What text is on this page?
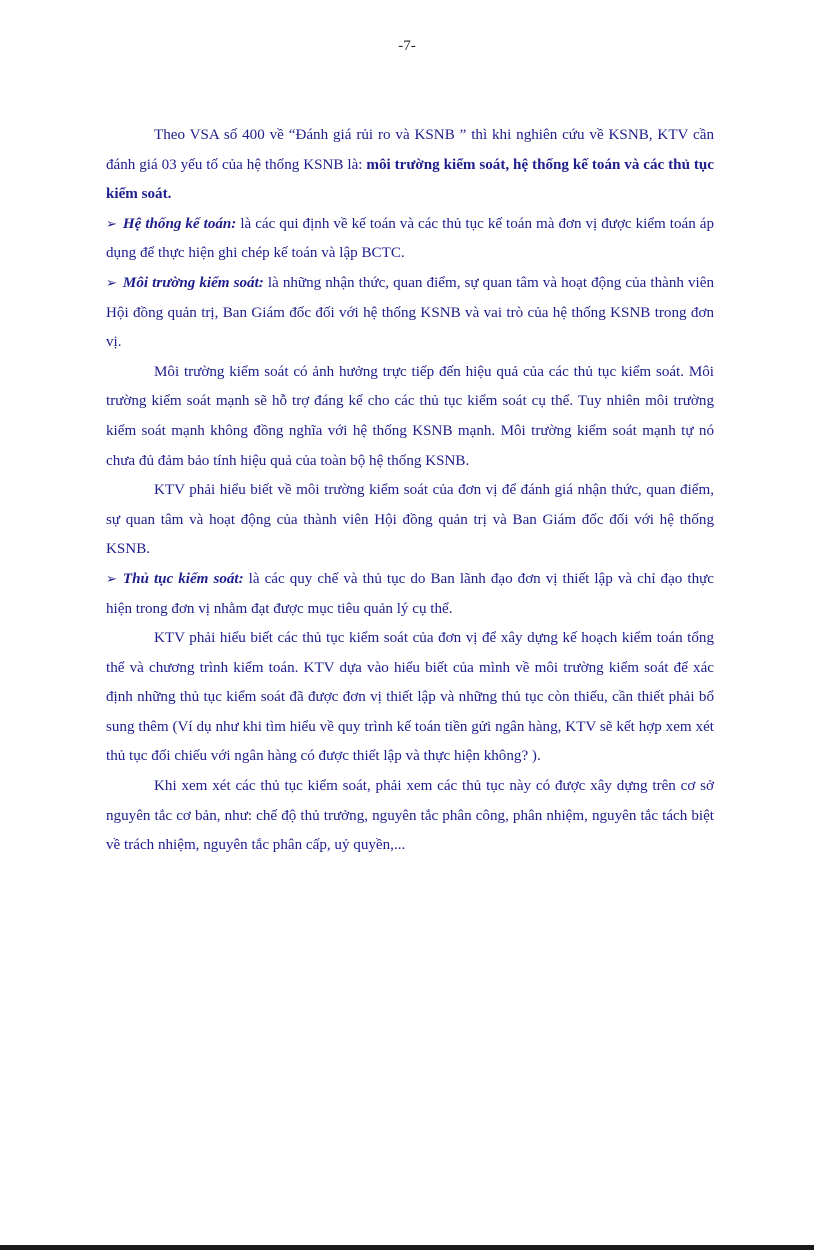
-7-

Theo VSA số 400 về “Đánh giá rủi ro và KSNB ” thì khi nghiên cứu về KSNB, KTV cần đánh giá 03 yếu tố của hệ thống KSNB là: môi trường kiểm soát, hệ thống kế toán và các thủ tục kiểm soát.

➢ Hệ thống kế toán: là các qui định về kế toán và các thủ tục kế toán mà đơn vị được kiểm toán áp dụng để thực hiện ghi chép kế toán và lập BCTC.

➢ Môi trường kiểm soát: là những nhận thức, quan điểm, sự quan tâm và hoạt động của thành viên Hội đồng quản trị, Ban Giám đốc đối với hệ thống KSNB và vai trò của hệ thống KSNB trong đơn vị.

Môi trường kiểm soát có ảnh hưởng trực tiếp đến hiệu quả của các thủ tục kiểm soát. Môi trường kiểm soát mạnh sẽ hỗ trợ đáng kể cho các thủ tục kiểm soát cụ thể. Tuy nhiên môi trường kiểm soát mạnh không đồng nghĩa với hệ thống KSNB mạnh. Môi trường kiểm soát mạnh tự nó chưa đủ đảm bảo tính hiệu quả của toàn bộ hệ thống KSNB.

KTV phải hiểu biết về môi trường kiểm soát của đơn vị để đánh giá nhận thức, quan điểm, sự quan tâm và hoạt động của thành viên Hội đồng quản trị và Ban Giám đốc đối với hệ thống KSNB.

➢ Thủ tục kiểm soát: là các quy chế và thủ tục do Ban lãnh đạo đơn vị thiết lập và chỉ đạo thực hiện trong đơn vị nhằm đạt được mục tiêu quản lý cụ thể.

KTV phải hiểu biết các thủ tục kiểm soát của đơn vị để xây dựng kế hoạch kiểm toán tổng thể và chương trình kiểm toán. KTV dựa vào hiểu biết của mình về môi trường kiểm soát để xác định những thủ tục kiểm soát đã được đơn vị thiết lập và những thủ tục còn thiếu, cần thiết phải bổ sung thêm (Ví dụ như khi tìm hiểu về quy trình kế toán tiền gửi ngân hàng, KTV sẽ kết hợp xem xét thủ tục đối chiếu với ngân hàng có được thiết lập và thực hiện không? ).

Khi xem xét các thủ tục kiểm soát, phải xem các thủ tục này có được xây dựng trên cơ sở nguyên tắc cơ bản, như: chế độ thủ trưởng, nguyên tắc phân công, phân nhiệm, nguyên tắc tách biệt về trách nhiệm, nguyên tắc phân cấp, uỷ quyền,...
